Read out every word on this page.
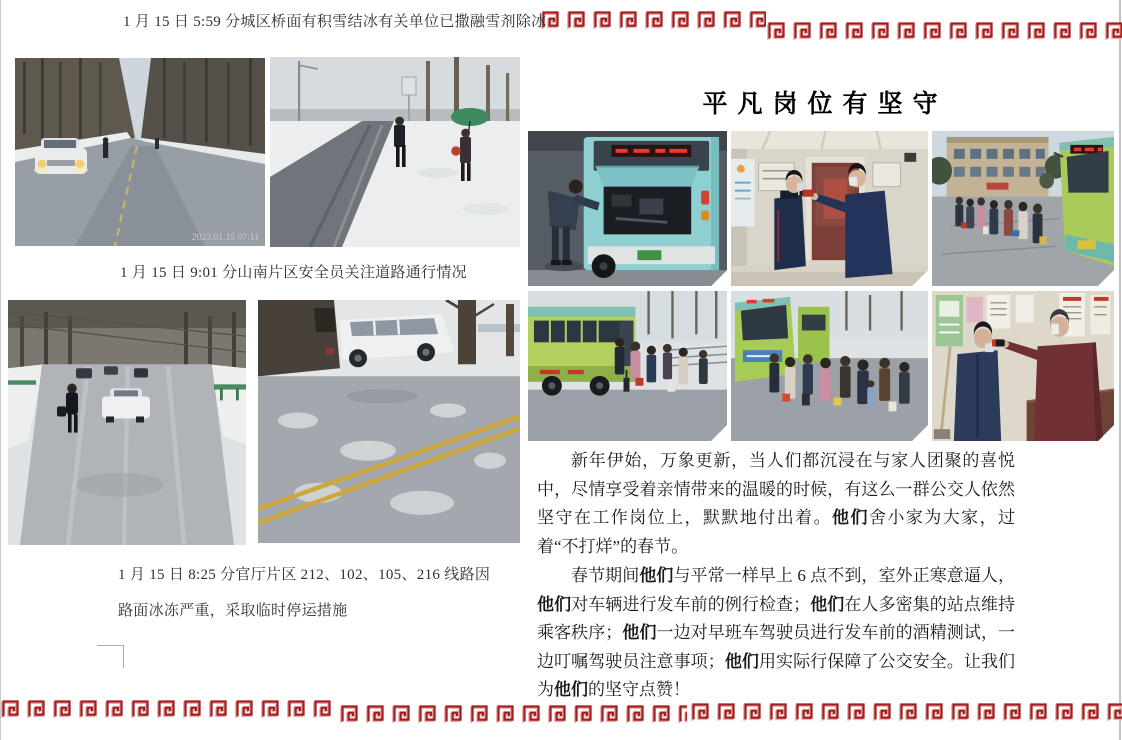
1 月 15 日 5:59 分城区桥面有积雪结冰有关单位已撒融雪剂除冰
1 月 15 日 9:01 分山南片区安全员关注道路通行情况
1 月 15 日 8:25 分官厅片区 212、102、105、216 线路因
路面冰冻严重，采取临时停运措施
2023.01.15 07:11
平凡岗位有坚守

新年伊始，万象更新，当人们都沉浸在与家人团聚的喜悦中，尽情享受着亲情带来的温暖的时候，有这么一群公交人依然坚守在工作岗位上，默默地付出着。他们舍小家为大家，过着“不打烊”的春节。

春节期间他们与平常一样早上 6 点不到，室外正寒意逼人，他们对车辆进行发车前的例行检查；他们在人多密集的站点维持乘客秩序；他们一边对早班车驾驶员进行发车前的酒精测试，一边叮嘱驾驶员注意事项；他们用实际行保障了公交安全。让我们为他们的坚守点赞！
